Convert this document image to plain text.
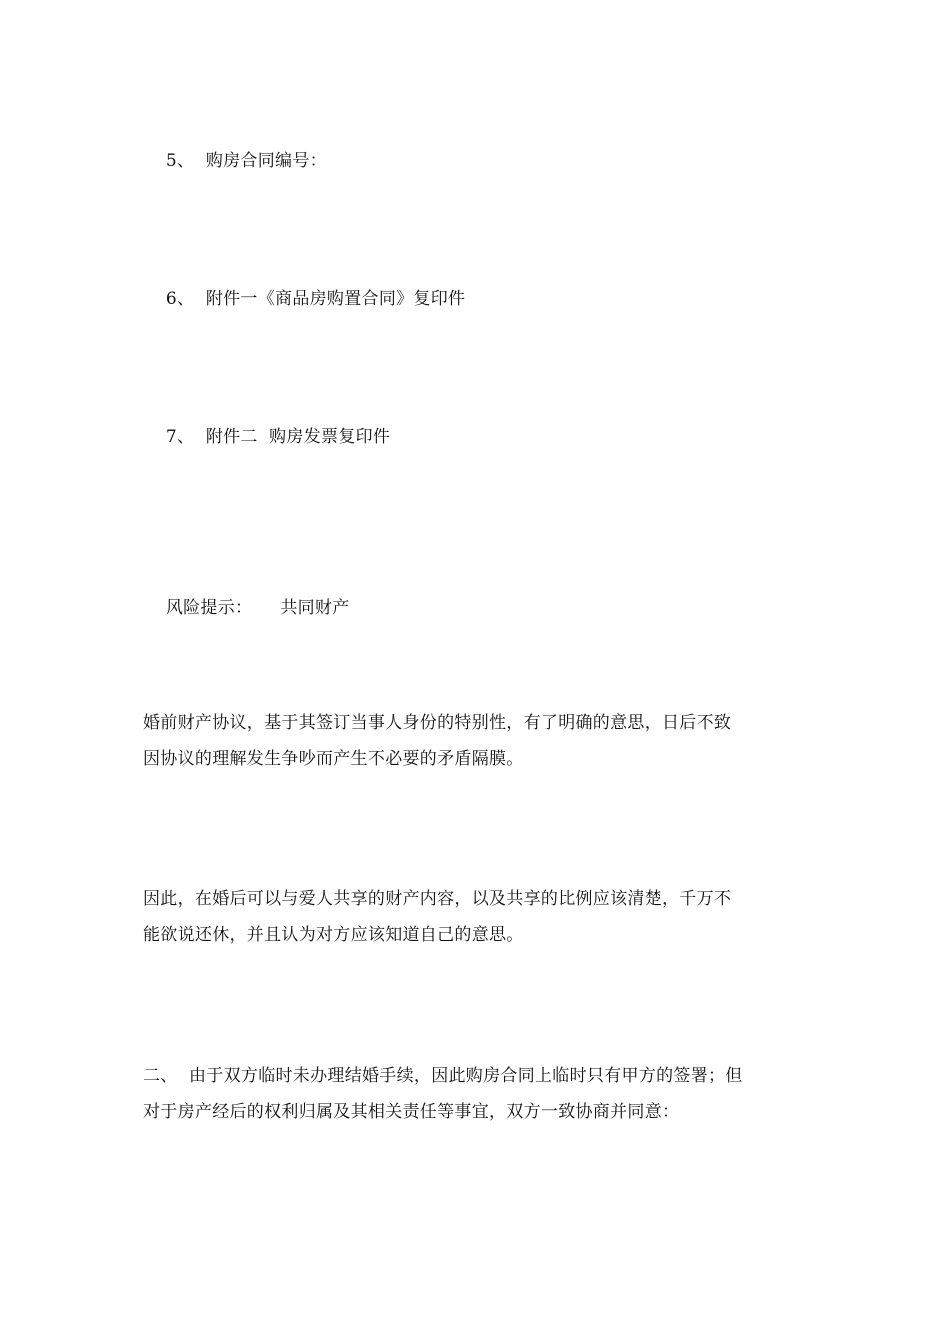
5、 购房合同编号：

6、 附件一《商品房购置合同》复印件

7、 附件二  购房发票复印件

风险提示： 共同财产

婚前财产协议，基于其签订当事人身份的特别性，有了明确的意思，日后不致
因协议的理解发生争吵而产生不必要的矛盾隔膜。
因此，在婚后可以与爱人共享的财产内容，以及共享的比例应该清楚，千万不
能欲说还休，并且认为对方应该知道自己的意思。
二、  由于双方临时未办理结婚手续，因此购房合同上临时只有甲方的签署；但
对于房产经后的权利归属及其相关责任等事宜，双方一致协商并同意：
